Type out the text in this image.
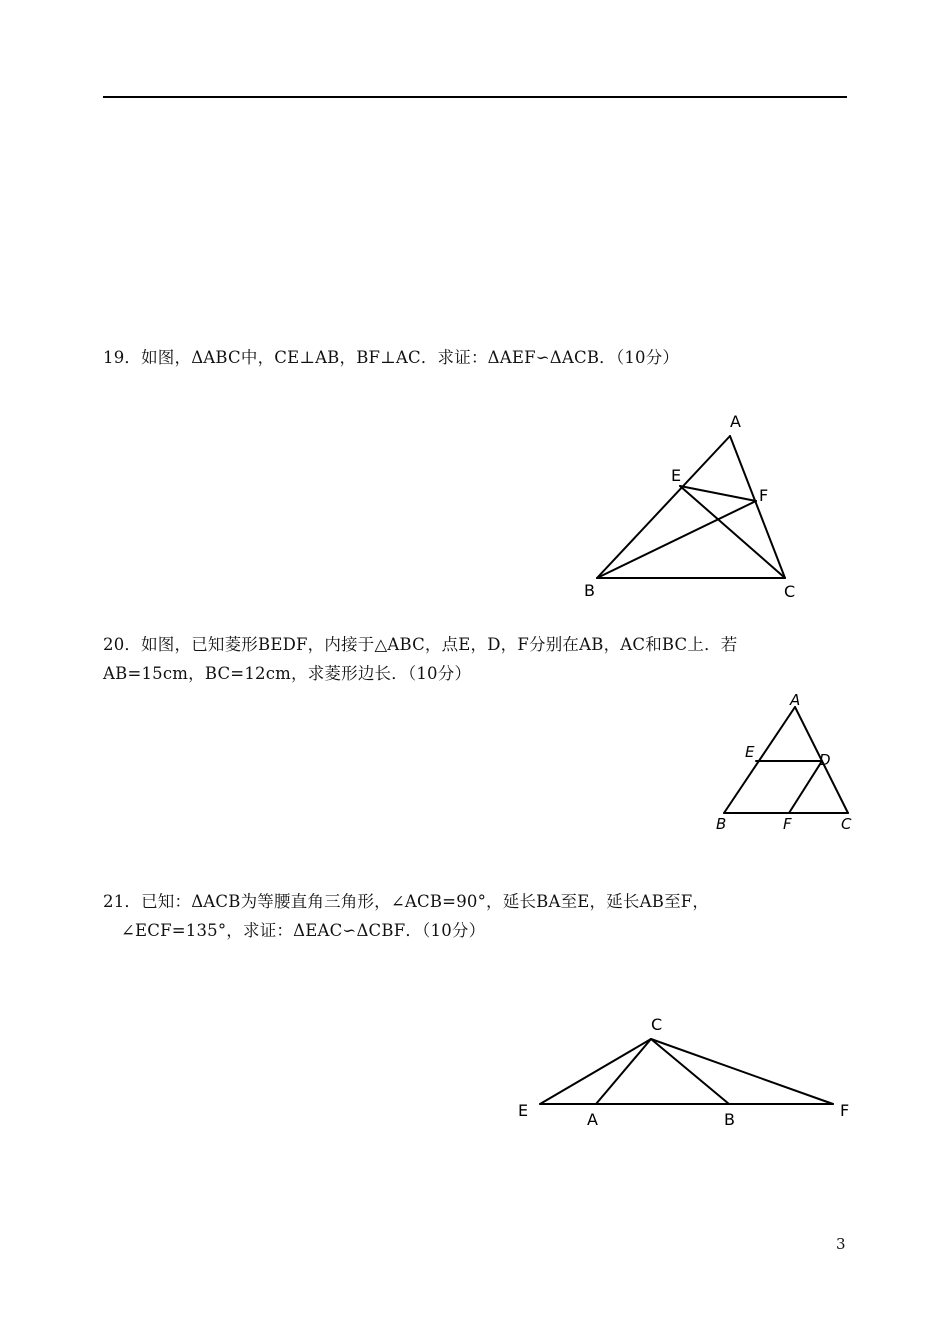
19．如图，ΔABC中，CE⊥AB，BF⊥AC．求证：ΔAEF∽ΔACB．（10分）
A
E
F
B	C
20．如图，已知菱形BEDF，内接于△ABC，点E，D，F分别在AB，AC和BC上．若
AB=15cm，BC=12cm，求菱形边长．（10分）
A
E	D
B	F	C
21．已知：ΔACB为等腰直角三角形，∠ACB=90°，延长BA至E，延长AB至F，
∠ECF=135°，求证：ΔEAC∽ΔCBF．（10分）
C
E	A	B	F
3
